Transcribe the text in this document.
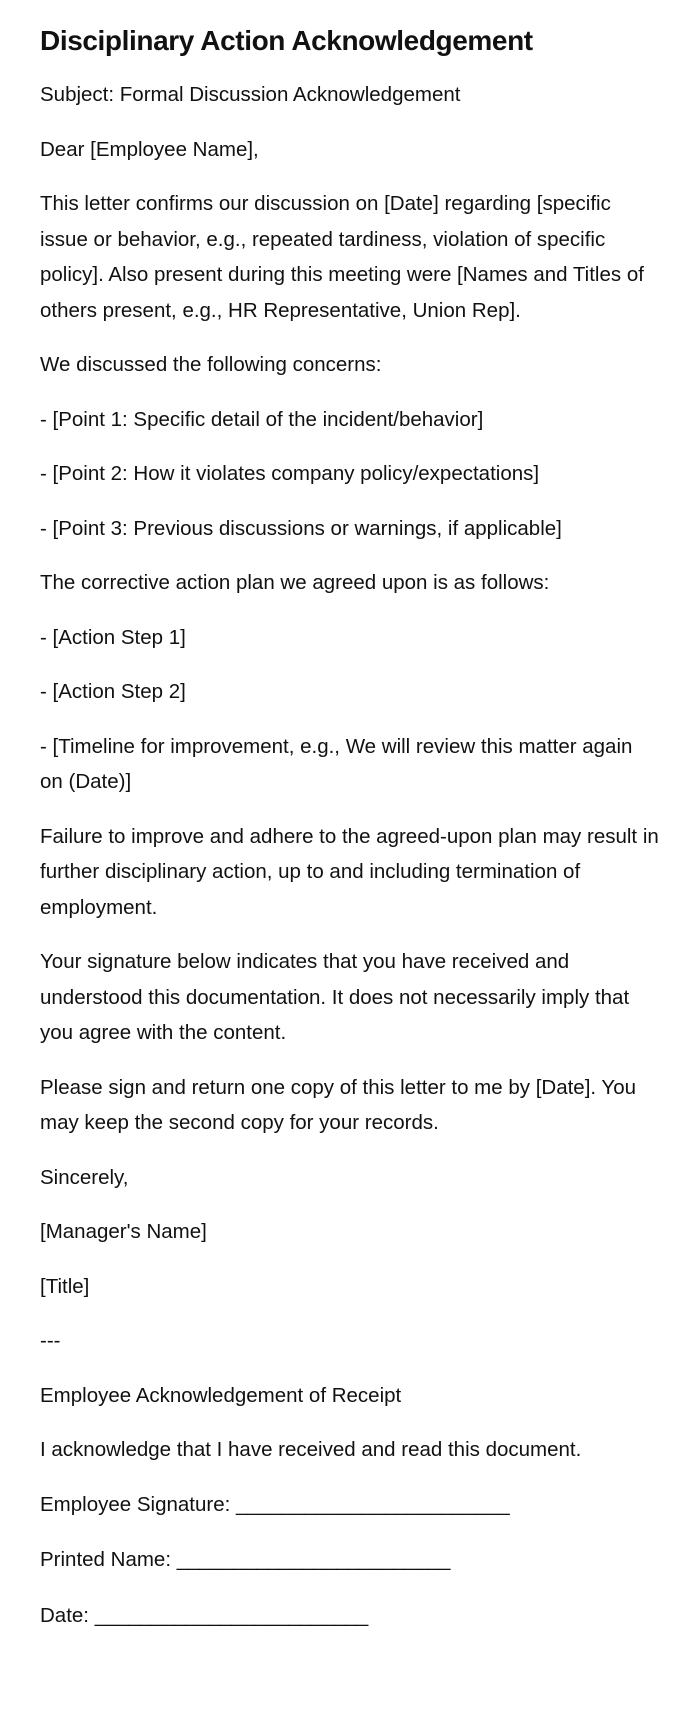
Disciplinary Action Acknowledgement

Subject: Formal Discussion Acknowledgement

Dear [Employee Name],

This letter confirms our discussion on [Date] regarding [specific issue or behavior, e.g., repeated tardiness, violation of specific policy]. Also present during this meeting were [Names and Titles of others present, e.g., HR Representative, Union Rep].

We discussed the following concerns:

- [Point 1: Specific detail of the incident/behavior]

- [Point 2: How it violates company policy/expectations]

- [Point 3: Previous discussions or warnings, if applicable]

The corrective action plan we agreed upon is as follows:

- [Action Step 1]

- [Action Step 2]

- [Timeline for improvement, e.g., We will review this matter again on (Date)]

Failure to improve and adhere to the agreed-upon plan may result in further disciplinary action, up to and including termination of employment.

Your signature below indicates that you have received and understood this documentation. It does not necessarily imply that you agree with the content.

Please sign and return one copy of this letter to me by [Date]. You may keep the second copy for your records.

Sincerely,

[Manager's Name]

[Title]

---

Employee Acknowledgement of Receipt

I acknowledge that I have received and read this document.

Employee Signature: ________________________

Printed Name: ________________________

Date: ________________________
